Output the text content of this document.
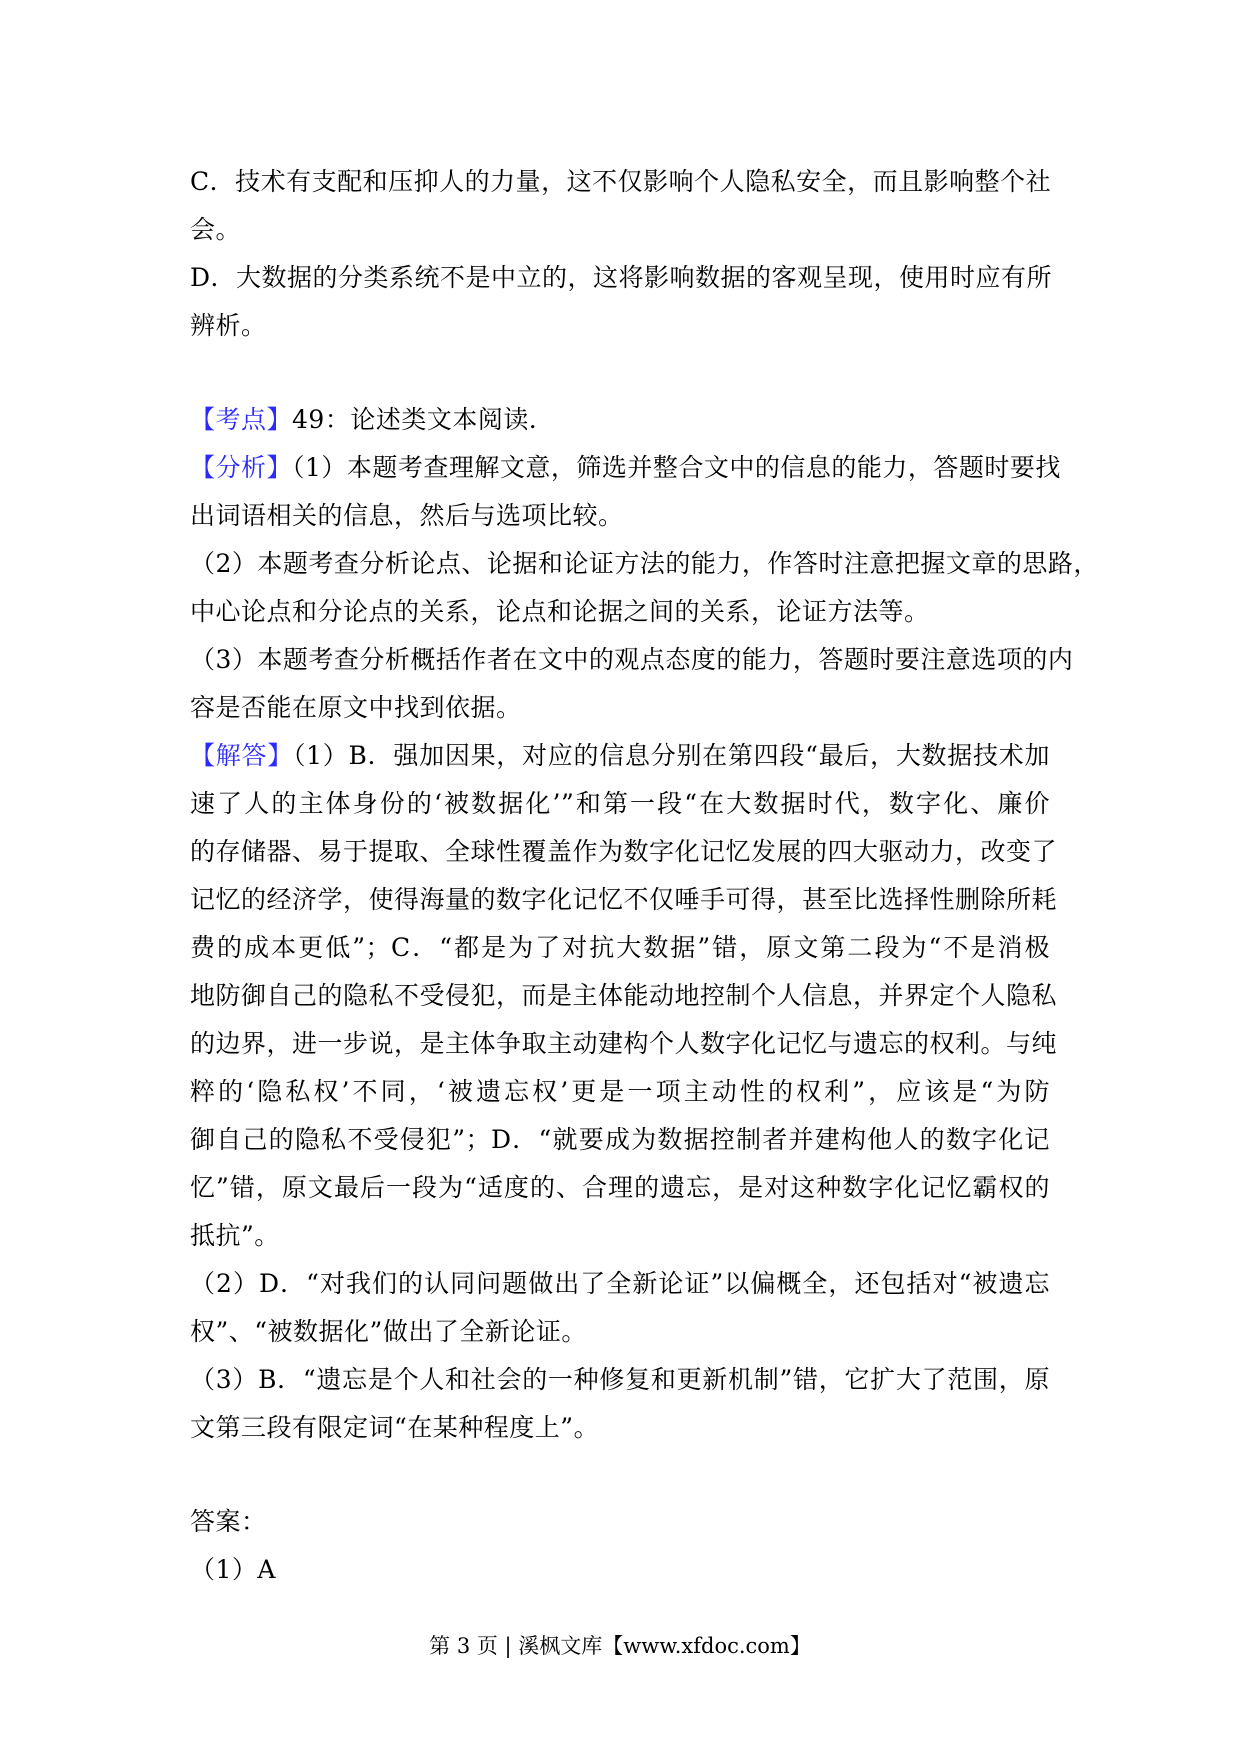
C．技术有支配和压抑人的力量，这不仅影响个人隐私安全，而且影响整个社
会。
D．大数据的分类系统不是中立的，这将影响数据的客观呈现，使用时应有所
辨析。
【考点】49：论述类文本阅读．
【分析】（1）本题考查理解文意，筛选并整合文中的信息的能力，答题时要找
出词语相关的信息，然后与选项比较。
（2）本题考查分析论点、论据和论证方法的能力，作答时注意把握文章的思路，
中心论点和分论点的关系，论点和论据之间的关系，论证方法等。
（3）本题考查分析概括作者在文中的观点态度的能力，答题时要注意选项的内
容是否能在原文中找到依据。
【解答】（1）B．强加因果，对应的信息分别在第四段“最后，大数据技术加
速了人的主体身份的‘被数据化’”和第一段“在大数据时代，数字化、廉价
的存储器、易于提取、全球性覆盖作为数字化记忆发展的四大驱动力，改变了
记忆的经济学，使得海量的数字化记忆不仅唾手可得，甚至比选择性删除所耗
费的成本更低”；C．“都是为了对抗大数据”错，原文第二段为“不是消极
地防御自己的隐私不受侵犯，而是主体能动地控制个人信息，并界定个人隐私
的边界，进一步说，是主体争取主动建构个人数字化记忆与遗忘的权利。与纯
粹的‘隐私权’不同，‘被遗忘权’更是一项主动性的权利”，应该是“为防
御自己的隐私不受侵犯”；D．“就要成为数据控制者并建构他人的数字化记
忆”错，原文最后一段为“适度的、合理的遗忘，是对这种数字化记忆霸权的
抵抗”。
（2）D．“对我们的认同问题做出了全新论证”以偏概全，还包括对“被遗忘
权”、“被数据化”做出了全新论证。
（3）B．“遗忘是个人和社会的一种修复和更新机制”错，它扩大了范围，原
文第三段有限定词“在某种程度上”。
答案：
（1）A
第 3 页 | 溪枫文库【www.xfdoc.com】
